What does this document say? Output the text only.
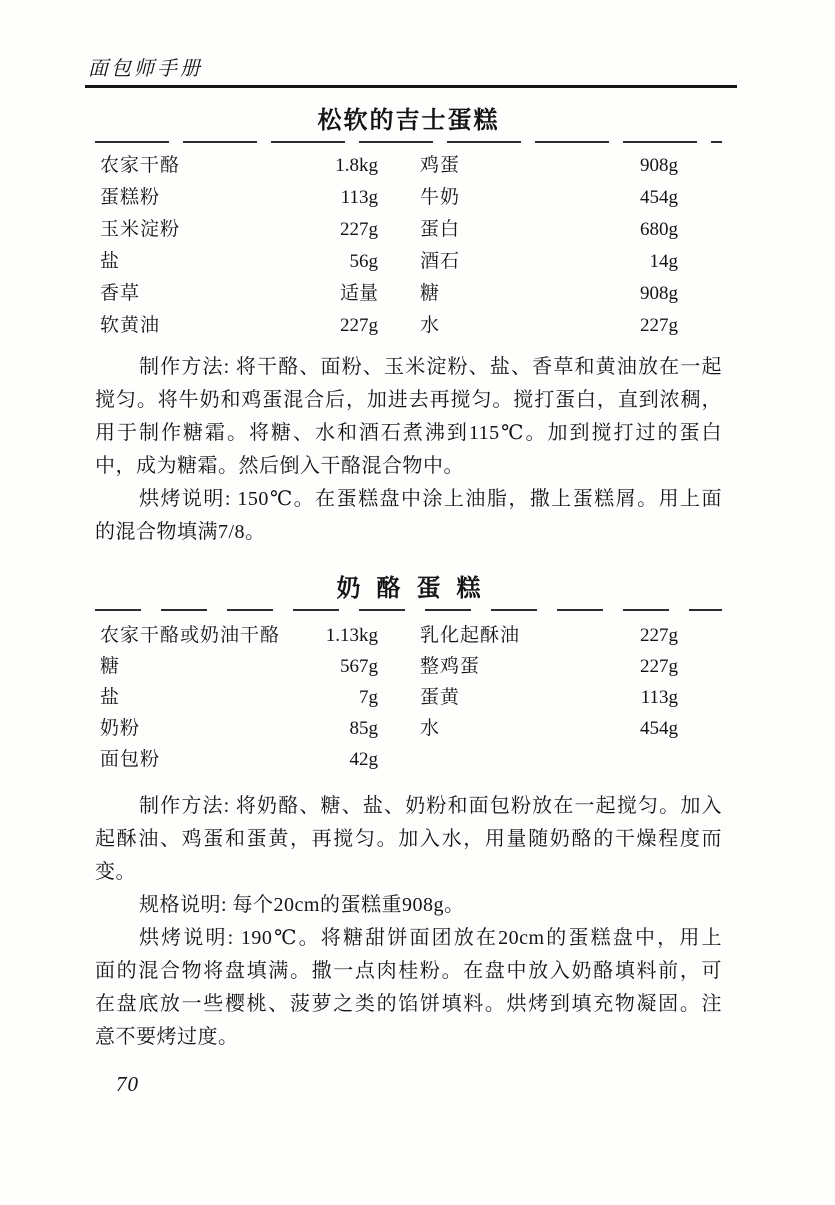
面包师手册
松软的吉士蛋糕
农家干酪	1.8kg 鸡蛋	908g
蛋糕粉	113g 牛奶	454g
玉米淀粉	227g 蛋白	680g
盐	56g 酒石	14g
香草	适量 糖	908g
软黄油	227g 水	227g
制作方法: 将干酪、面粉、玉米淀粉、盐、香草和黄油放在一起
搅匀。将牛奶和鸡蛋混合后，加进去再搅匀。搅打蛋白，直到浓稠，
用于制作糖霜。将糖、水和酒石煮沸到115℃。加到搅打过的蛋白
中，成为糖霜。然后倒入干酪混合物中。
烘烤说明: 150℃。在蛋糕盘中涂上油脂，撒上蛋糕屑。用上面
的混合物填满7/8。
奶酪蛋糕
农家干酪或奶油干酪	1.13kg 乳化起酥油	227g
糖	567g 整鸡蛋	227g
盐	7g 蛋黄	113g
奶粉	85g 水	454g
面包粉	42g
制作方法: 将奶酪、糖、盐、奶粉和面包粉放在一起搅匀。加入
起酥油、鸡蛋和蛋黄，再搅匀。加入水，用量随奶酪的干燥程度而
变。
规格说明: 每个20cm的蛋糕重908g。
烘烤说明: 190℃。将糖甜饼面团放在20cm的蛋糕盘中，用上
面的混合物将盘填满。撒一点肉桂粉。在盘中放入奶酪填料前，可
在盘底放一些樱桃、菠萝之类的馅饼填料。烘烤到填充物凝固。注
意不要烤过度。
70
